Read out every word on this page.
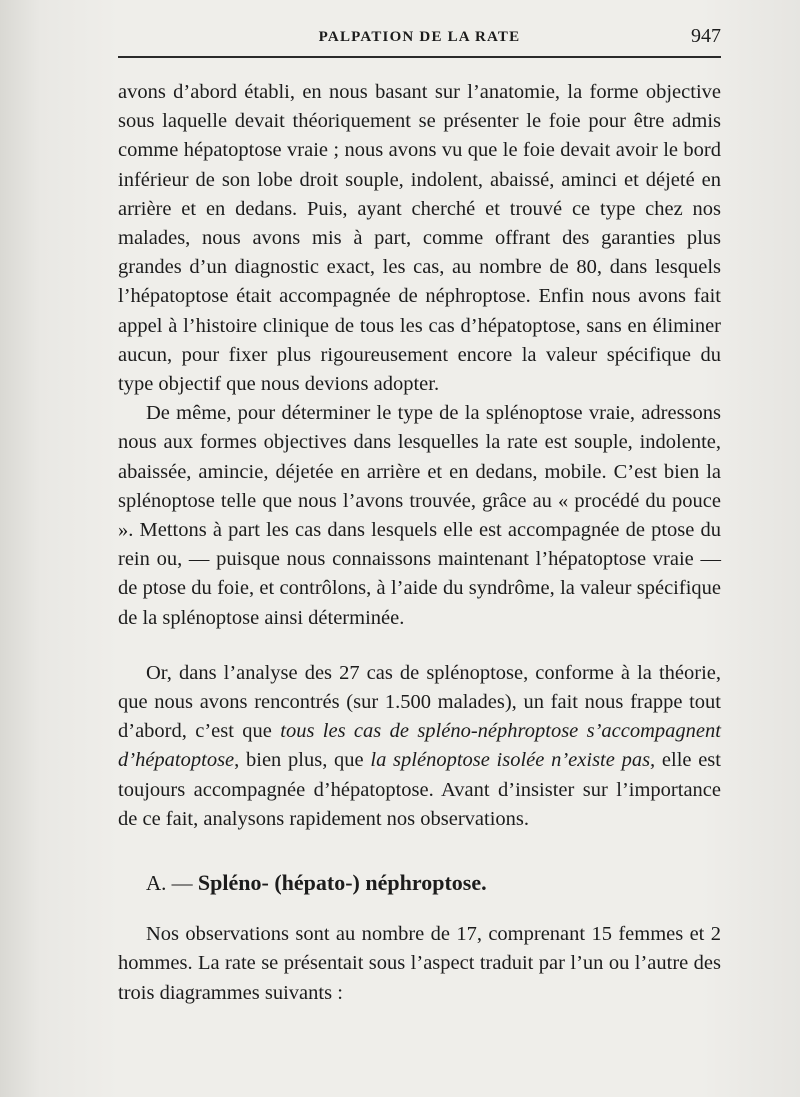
PALPATION DE LA RATE	947

avons d’abord établi, en nous basant sur l’anatomie, la forme objective sous laquelle devait théoriquement se présenter le foie pour être admis comme hépatoptose vraie ; nous avons vu que le foie devait avoir le bord inférieur de son lobe droit souple, indolent, abaissé, aminci et déjeté en arrière et en dedans. Puis, ayant cherché et trouvé ce type chez nos malades, nous avons mis à part, comme offrant des garanties plus grandes d’un diagnostic exact, les cas, au nombre de 80, dans lesquels l’hépatoptose était accompagnée de néphroptose. Enfin nous avons fait appel à l’histoire clinique de tous les cas d’hépatoptose, sans en éliminer aucun, pour fixer plus rigoureusement encore la valeur spécifique du type objectif que nous devions adopter.

De même, pour déterminer le type de la splénoptose vraie, adressons nous aux formes objectives dans lesquelles la rate est souple, indolente, abaissée, amincie, déjetée en arrière et en dedans, mobile. C’est bien la splénoptose telle que nous l’avons trouvée, grâce au « procédé du pouce ». Mettons à part les cas dans lesquels elle est accompagnée de ptose du rein ou, — puisque nous connaissons maintenant l’hépatoptose vraie — de ptose du foie, et contrôlons, à l’aide du syndrôme, la valeur spécifique de la splénoptose ainsi déterminée.

Or, dans l’analyse des 27 cas de splénoptose, conforme à la théorie, que nous avons rencontrés (sur 1.500 malades), un fait nous frappe tout d’abord, c’est que tous les cas de spléno-néphroptose s’accompagnent d’hépatoptose, bien plus, que la splénoptose isolée n’existe pas, elle est toujours accompagnée d’hépatoptose. Avant d’insister sur l’importance de ce fait, analysons rapidement nos observations.

A. — Spléno- (hépato-) néphroptose.

Nos observations sont au nombre de 17, comprenant 15 femmes et 2 hommes. La rate se présentait sous l’aspect traduit par l’un ou l’autre des trois diagrammes suivants :
